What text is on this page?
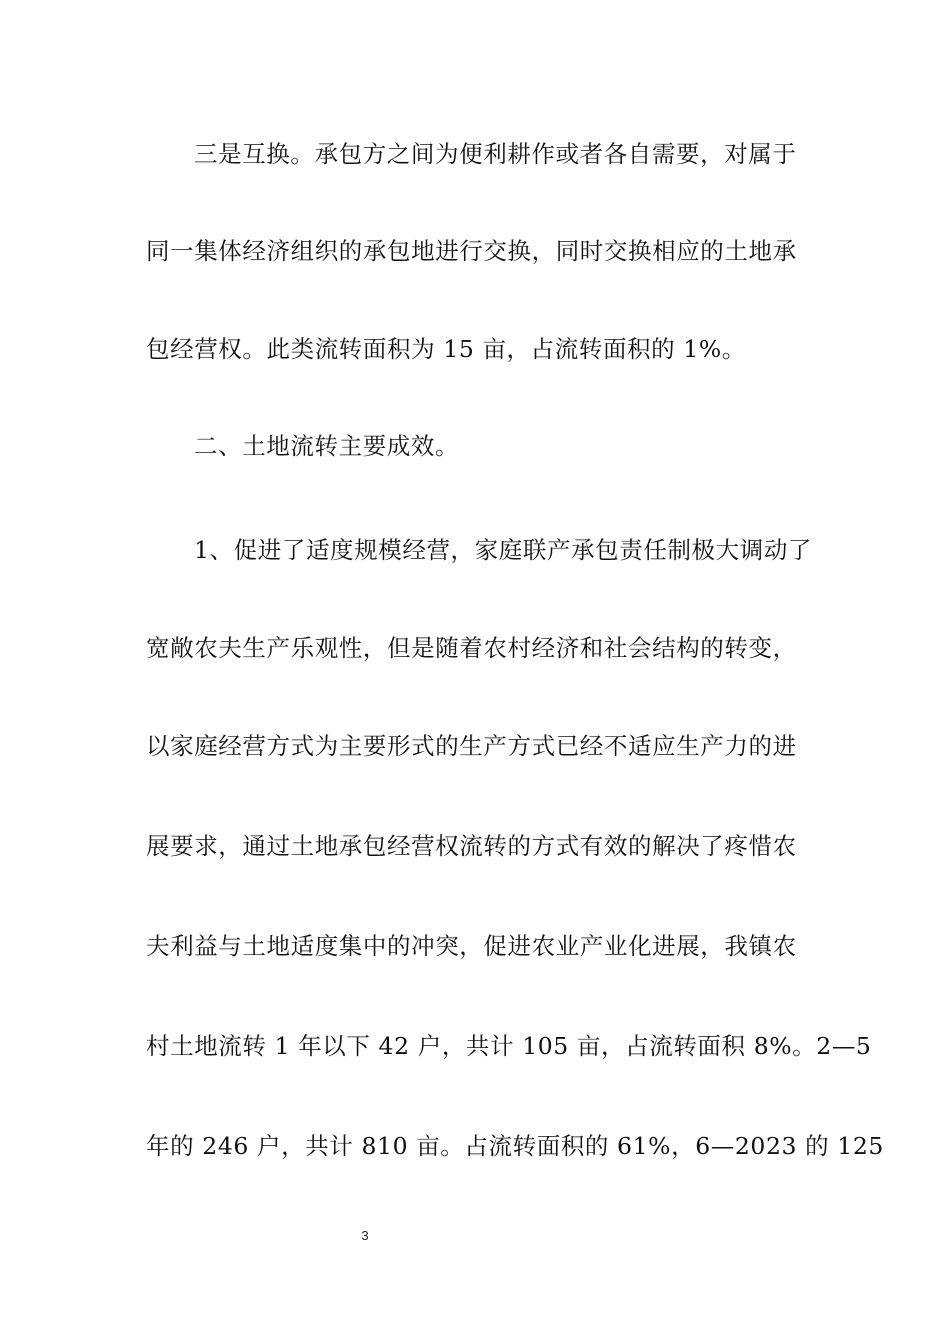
三是互换。承包方之间为便利耕作或者各自需要，对属于
同一集体经济组织的承包地进行交换，同时交换相应的土地承
包经营权。此类流转面积为 15 亩，占流转面积的 1%。
二、土地流转主要成效。
1、促进了适度规模经营，家庭联产承包责任制极大调动了
宽敞农夫生产乐观性，但是随着农村经济和社会结构的转变，
以家庭经营方式为主要形式的生产方式已经不适应生产力的进
展要求，通过土地承包经营权流转的方式有效的解决了疼惜农
夫利益与土地适度集中的冲突，促进农业产业化进展，我镇农
村土地流转 1 年以下 42 户，共计 105 亩，占流转面积 8%。2—5
年的 246 户，共计 810 亩。占流转面积的 61%，6—2023 的 125
3
